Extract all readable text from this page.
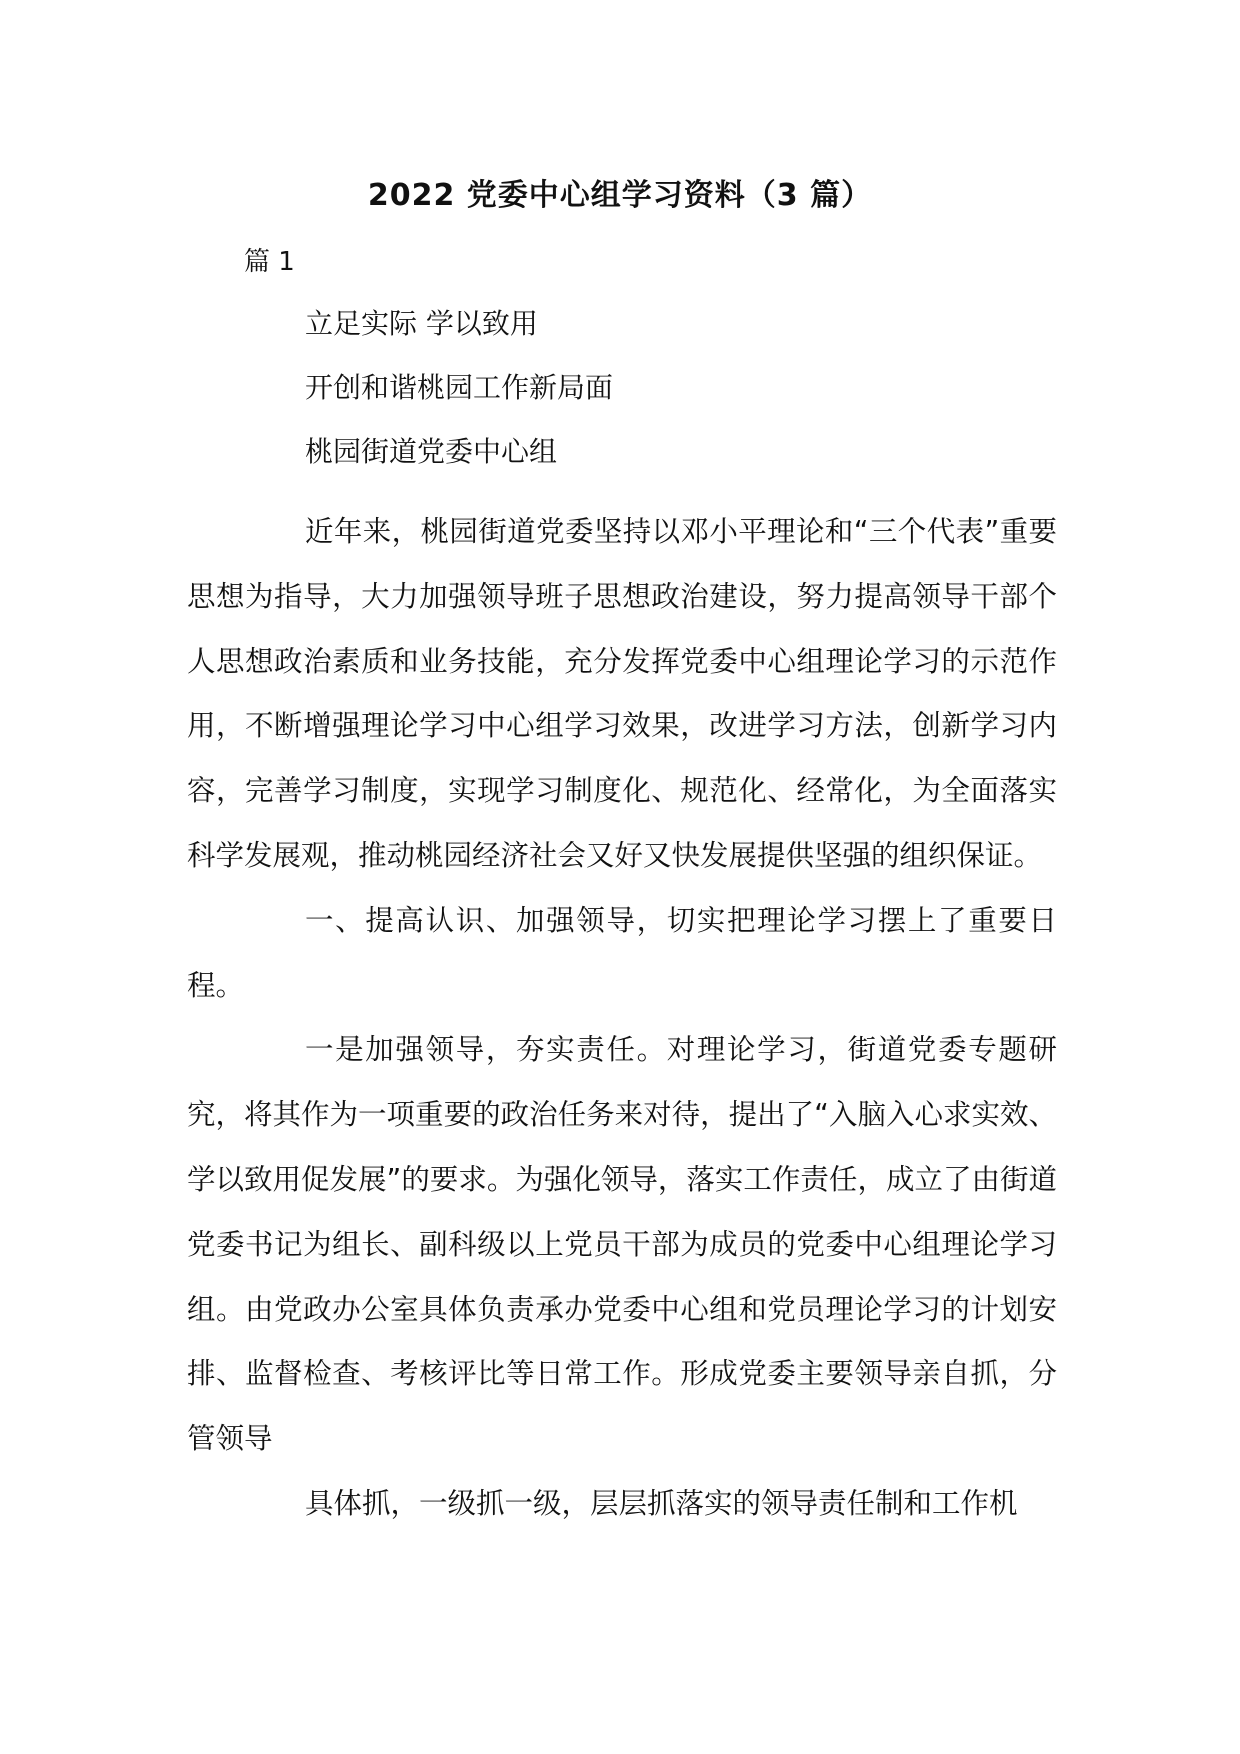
2022 党委中心组学习资料（3 篇）
篇 1
立足实际 学以致用
开创和谐桃园工作新局面
桃园街道党委中心组

近年来，桃园街道党委坚持以邓小平理论和“三个代表”重要思想为指导，大力加强领导班子思想政治建设，努力提高领导干部个人思想政治素质和业务技能，充分发挥党委中心组理论学习的示范作用，不断增强理论学习中心组学习效果，改进学习方法，创新学习内容，完善学习制度，实现学习制度化、规范化、经常化，为全面落实科学发展观，推动桃园经济社会又好又快发展提供坚强的组织保证。

一、提高认识、加强领导，切实把理论学习摆上了重要日程。

一是加强领导，夯实责任。对理论学习，街道党委专题研究，将其作为一项重要的政治任务来对待，提出了“入脑入心求实效、学以致用促发展”的要求。为强化领导，落实工作责任，成立了由街道党委书记为组长、副科级以上党员干部为成员的党委中心组理论学习组。由党政办公室具体负责承办党委中心组和党员理论学习的计划安排、监督检查、考核评比等日常工作。形成党委主要领导亲自抓，分管领导

具体抓，一级抓一级，层层抓落实的领导责任制和工作机
